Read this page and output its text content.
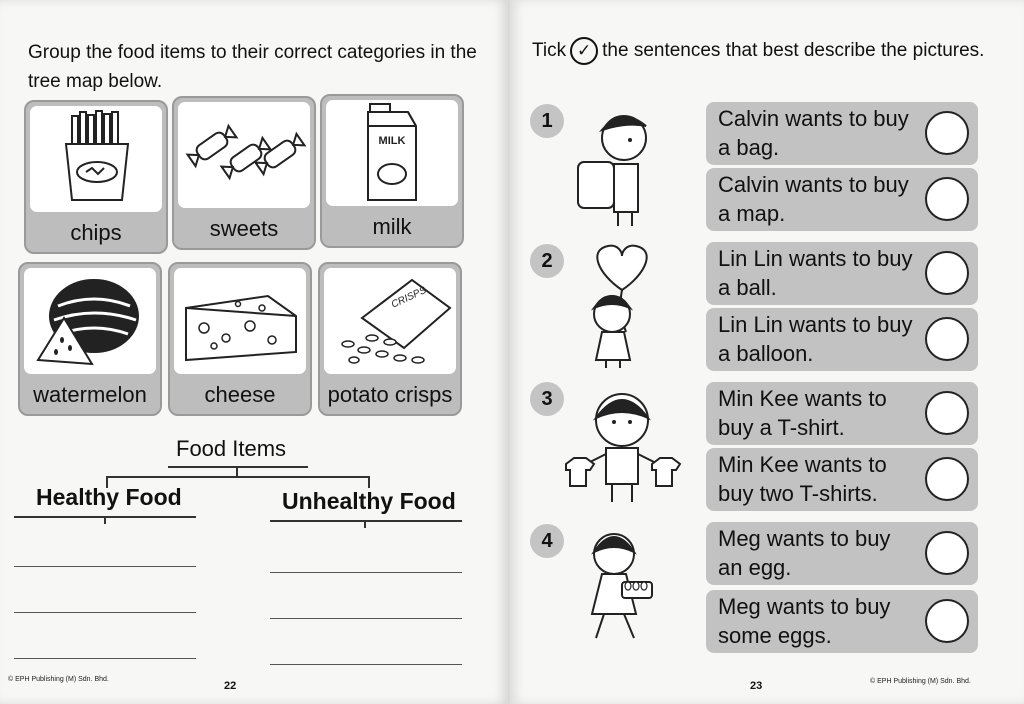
Group the food items to their correct categories in the tree map below.
chips	sweets
MILK
milk
watermelon	cheese
CRISPS
potato crisps
Food Items
Healthy Food	Unhealthy Food
© EPH Publishing (M) Sdn. Bhd.
22
Tick ✓ the sentences that best describe the pictures.
1	Calvin wants to buy a bag.
Calvin wants to buy a map.
2	Lin Lin wants to buy a ball.
Lin Lin wants to buy a balloon.
3	Min Kee wants to buy a T-shirt.
Min Kee wants to buy two T-shirts.
4	Meg wants to buy an egg.
Meg wants to buy some eggs.
23	© EPH Publishing (M) Sdn. Bhd.
